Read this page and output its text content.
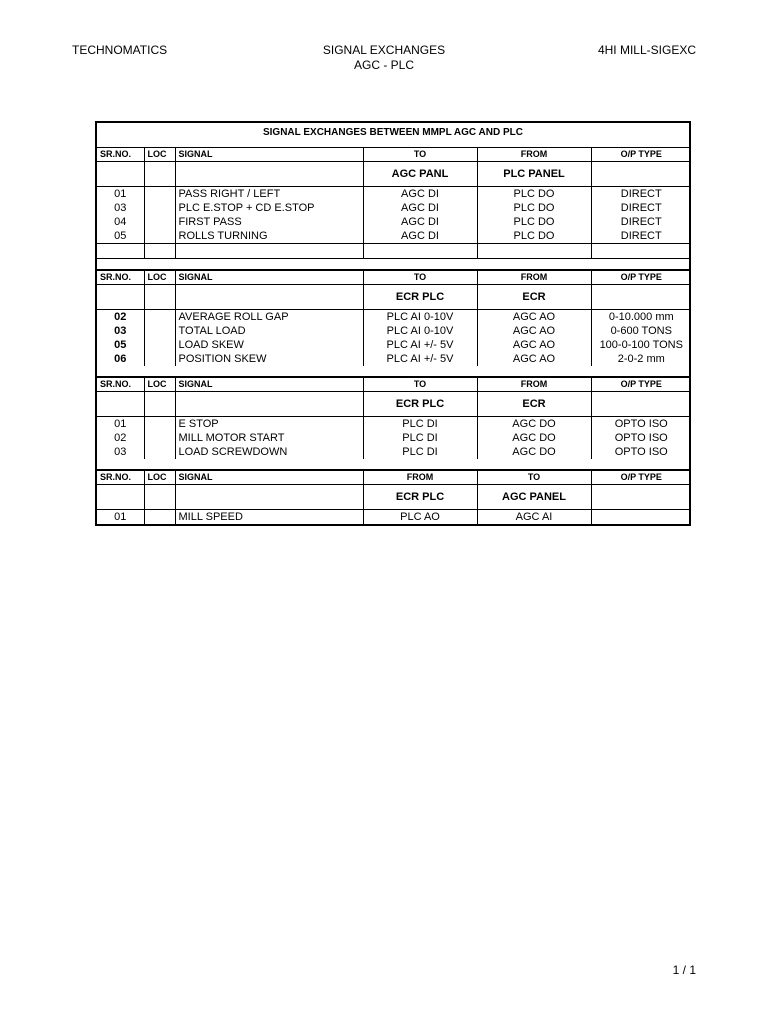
TECHNOMATICS	SIGNAL EXCHANGES
AGC - PLC
4HI MILL-SIGEXC
SIGNAL EXCHANGES BETWEEN MMPL AGC AND PLC
SR.NO.	LOC	SIGNAL	TO	FROM	O/P TYPE
			AGC PANL	PLC PANEL	
01		PASS RIGHT / LEFT	AGC DI	PLC DO	DIRECT
03		PLC E.STOP + CD E.STOP	AGC DI	PLC DO	DIRECT
04		FIRST PASS	AGC DI	PLC DO	DIRECT
05		ROLLS TURNING	AGC DI	PLC DO	DIRECT

SR.NO.	LOC	SIGNAL	TO	FROM	O/P TYPE
			ECR PLC	ECR	
02		AVERAGE ROLL GAP	PLC AI 0-10V	AGC AO	0-10.000 mm
03		TOTAL LOAD	PLC AI 0-10V	AGC AO	0-600 TONS
05		LOAD SKEW	PLC AI +/- 5V	AGC AO	100-0-100 TONS
06		POSITION SKEW	PLC AI +/- 5V	AGC AO	2-0-2 mm

SR.NO.	LOC	SIGNAL	TO	FROM	O/P TYPE
			ECR PLC	ECR	
01		E STOP	PLC DI	AGC DO	OPTO ISO
02		MILL MOTOR START	PLC DI	AGC DO	OPTO ISO
03		LOAD SCREWDOWN	PLC DI	AGC DO	OPTO ISO

SR.NO.	LOC	SIGNAL	FROM	TO	O/P TYPE
			ECR PLC	AGC PANEL	
01		MILL SPEED	PLC AO	AGC AI	
1 / 1
